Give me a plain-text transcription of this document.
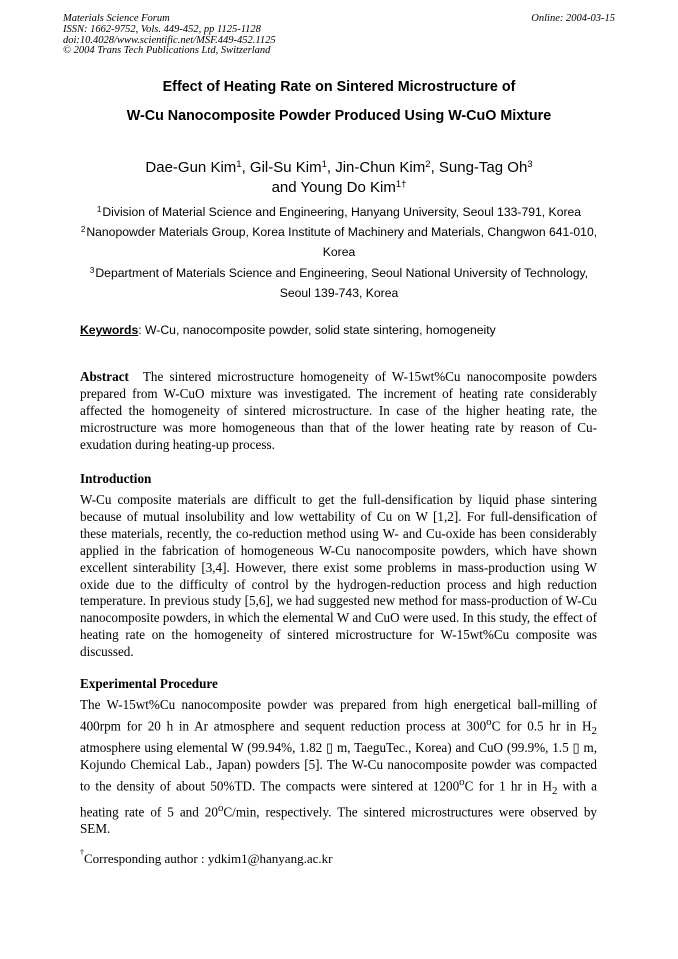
Materials Science Forum
ISSN: 1662-9752, Vols. 449-452, pp 1125-1128
doi:10.4028/www.scientific.net/MSF.449-452.1125
© 2004 Trans Tech Publications Ltd, Switzerland
Online: 2004-03-15
Effect of Heating Rate on Sintered Microstructure of
W-Cu Nanocomposite Powder Produced Using W-CuO Mixture
Dae-Gun Kim$^1$, Gil-Su Kim$^1$, Jin-Chun Kim$^2$, Sung-Tag Oh$^3$
and Young Do Kim$^{1\dagger}$
$^1$Division of Material Science and Engineering, Hanyang University, Seoul 133-791, Korea
$^2$Nanopowder Materials Group, Korea Institute of Machinery and Materials, Changwon 641-010, Korea
$^3$Department of Materials Science and Engineering, Seoul National University of Technology, Seoul 139-743, Korea
Keywords: W-Cu, nanocomposite powder, solid state sintering, homogeneity
Abstract The sintered microstructure homogeneity of W-15wt%Cu nanocomposite powders prepared from W-CuO mixture was investigated. The increment of heating rate considerably affected the homogeneity of sintered microstructure. In case of the higher heating rate, the microstructure was more homogeneous than that of the lower heating rate by reason of Cu-exudation during heating-up process.
Introduction
W-Cu composite materials are difficult to get the full-densification by liquid phase sintering because of mutual insolubility and low wettability of Cu on W [1,2]. For full-densification of these materials, recently, the co-reduction method using W- and Cu-oxide has been considerably applied in the fabrication of homogeneous W-Cu nanocomposite powders, which have shown excellent sinterability [3,4]. However, there exist some problems in mass-production using W oxide due to the difficulty of control by the hydrogen-reduction process and high reduction temperature. In previous study [5,6], we had suggested new method for mass-production of W-Cu nanocomposite powders, in which the elemental W and CuO were used. In this study, the effect of heating rate on the homogeneity of sintered microstructure for W-15wt%Cu composite was discussed.
Experimental Procedure
The W-15wt%Cu nanocomposite powder was prepared from high energetical ball-milling of 400rpm for 20 h in Ar atmosphere and sequent reduction process at 300$^o$C for 0.5 hr in $H_2$ atmosphere using elemental W (99.94%, 1.82 ▯ m, TaeguTec., Korea) and CuO (99.9%, 1.5 ▯ m, Kojundo Chemical Lab., Japan) powders [5]. The W-Cu nanocomposite powder was compacted to the density of about 50%TD. The compacts were sintered at 1200$^o$C for 1 hr in $H_2$ with a heating rate of 5 and 20$^o$C/min, respectively. The sintered microstructures were observed by SEM.
†Corresponding author : ydkim1@hanyang.ac.kr
